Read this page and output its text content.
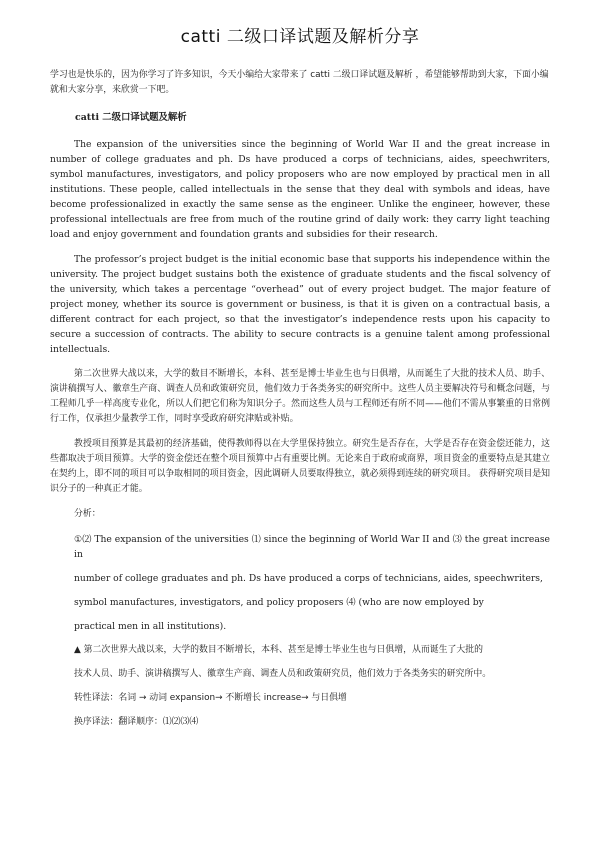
catti 二级口译试题及解析分享

学习也是快乐的，因为你学习了许多知识，今天小编给大家带来了 catti 二级口译试题及解析 ，希望能够帮助到大家，下面小编就和大家分享，来欣赏一下吧。

catti 二级口译试题及解析

The expansion of the universities since the beginning of World War II and the great increase in number of college graduates and ph. Ds have produced a corps of technicians, aides, speechwriters, symbol manufactures, investigators, and policy proposers who are now employed by practical men in all institutions. These people, called intellectuals in the sense that they deal with symbols and ideas, have become professionalized in exactly the same sense as the engineer. Unlike the engineer, however, these professional intellectuals are free from much of the routine grind of daily work: they carry light teaching load and enjoy government and foundation grants and subsidies for their research.

The professor’s project budget is the initial economic base that supports his independence within the university. The project budget sustains both the existence of graduate students and the fiscal solvency of the university, which takes a percentage “overhead” out of every project budget. The major feature of project money, whether its source is government or business, is that it is given on a contractual basis, a different contract for each project, so that the investigator’s independence rests upon his capacity to secure a succession of contracts. The ability to secure contracts is a genuine talent among professional intellectuals.

第二次世界大战以来，大学的数目不断增长，本科、甚至是博士毕业生也与日俱增，从而诞生了大批的技术人员、助手、演讲稿撰写人、徽章生产商、调查人员和政策研究员，他们效力于各类务实的研究所中。这些人员主要解决符号和概念问题，与工程师几乎一样高度专业化，所以人们把它们称为知识分子。然而这些人员与工程师还有所不同——他们不需从事繁重的日常例行工作，仅承担少量教学工作，同时享受政府研究津贴或补贴。

教授项目预算是其最初的经济基础，使得教师得以在大学里保持独立。研究生是否存在，大学是否存在资金偿还能力，这些都取决于项目预算。大学的资金偿还在整个项目预算中占有重要比例。无论来自于政府或商界，项目资金的重要特点是其建立在契约上，即不同的项目可以争取相同的项目资金，因此调研人员要取得独立，就必须得到连续的研究项目。 获得研究项目是知识分子的一种真正才能。

分析：

①⑵ The expansion of the universities ⑴ since the beginning of World War II and ⑶ the great increase in

number of college graduates and ph. Ds have produced a corps of technicians, aides, speechwriters,

symbol manufactures, investigators, and policy proposers ⑷ (who are now employed by

practical men in all institutions).

▲ 第二次世界大战以来，大学的数目不断增长，本科、甚至是博士毕业生也与日俱增，从而诞生了大批的

技术人员、助手、演讲稿撰写人、徽章生产商、调查人员和政策研究员，他们效力于各类务实的研究所中。

转性译法：名词 → 动词 expansion→ 不断增长 increase→ 与日俱增

换序译法：翻译顺序：⑴⑵⑶⑷
